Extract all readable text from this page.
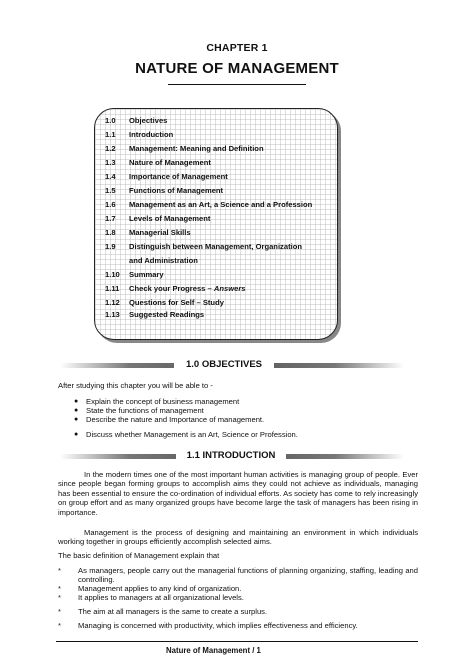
CHAPTER 1
NATURE OF MANAGEMENT
1.0 Objectives
1.1 Introduction
1.2 Management: Meaning and Definition
1.3 Nature of Management
1.4 Importance of Management
1.5 Functions of Management
1.6 Management as an Art, a Science and a Profession
1.7 Levels of Management
1.8 Managerial Skills
1.9 Distinguish between Management, Organization
and Administration
1.10 Summary
1.11 Check your Progress – Answers
1.12 Questions for Self – Study
1.13 Suggested Readings
1.0 OBJECTIVES
After studying this chapter you will be able to -
● Explain the concept of business management
● State the functions of management
● Describe the nature and Importance of management.
● Discuss whether Management is an Art, Science or Profession.
1.1 INTRODUCTION
In the modern times one of the most important human activities is managing group of people. Ever since people began forming groups to accomplish aims they could not achieve as individuals, managing has been essential to ensure the co-ordination of individual efforts. As society has come to rely increasingly on group effort and as many organized groups have become large the task of managers has been rising in importance.
Management is the process of designing and maintaining an environment in which individuals working together in groups efficiently accomplish selected aims.
The basic definition of Management explain that
* As managers, people carry out the managerial functions of planning organizing, staffing, leading and controlling.
* Management applies to any kind of organization.
* It applies to managers at all organizational levels.
* The aim at all managers is the same to create a surplus.
* Managing is concerned with productivity, which implies effectiveness and efficiency.
Nature of Management / 1
